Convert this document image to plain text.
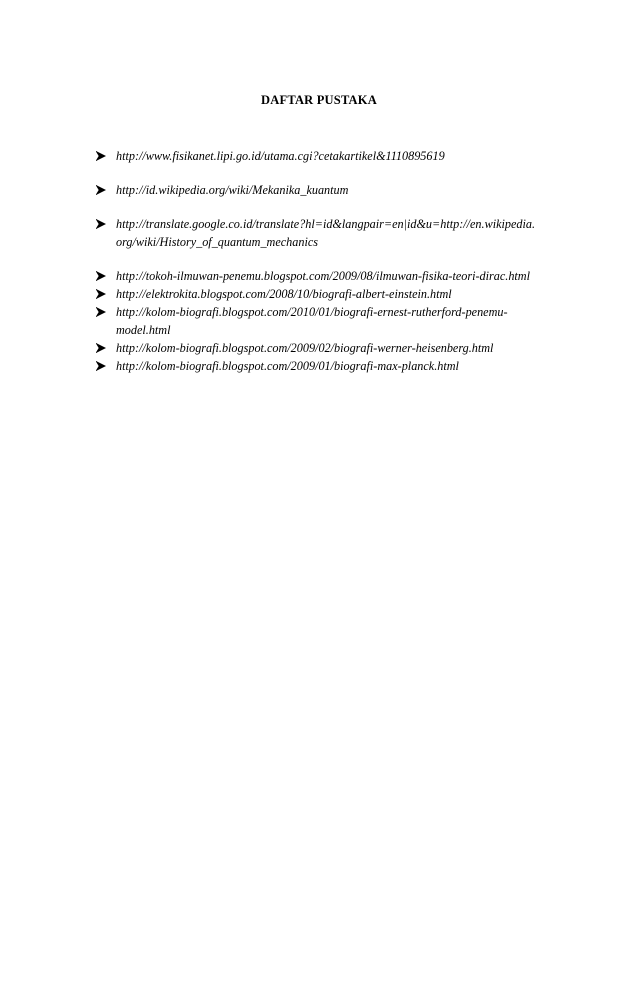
DAFTAR PUSTAKA
http://www.fisikanet.lipi.go.id/utama.cgi?cetakartikel&1110895619
http://id.wikipedia.org/wiki/Mekanika_kuantum
http://translate.google.co.id/translate?hl=id&langpair=en|id&u=http://en.wikipedia.
org/wiki/History_of_quantum_mechanics
http://tokoh-ilmuwan-penemu.blogspot.com/2009/08/ilmuwan-fisika-teori-dirac.html
http://elektrokita.blogspot.com/2008/10/biografi-albert-einstein.html
http://kolom-biografi.blogspot.com/2010/01/biografi-ernest-rutherford-penemu-
model.html
http://kolom-biografi.blogspot.com/2009/02/biografi-werner-heisenberg.html
http://kolom-biografi.blogspot.com/2009/01/biografi-max-planck.html
